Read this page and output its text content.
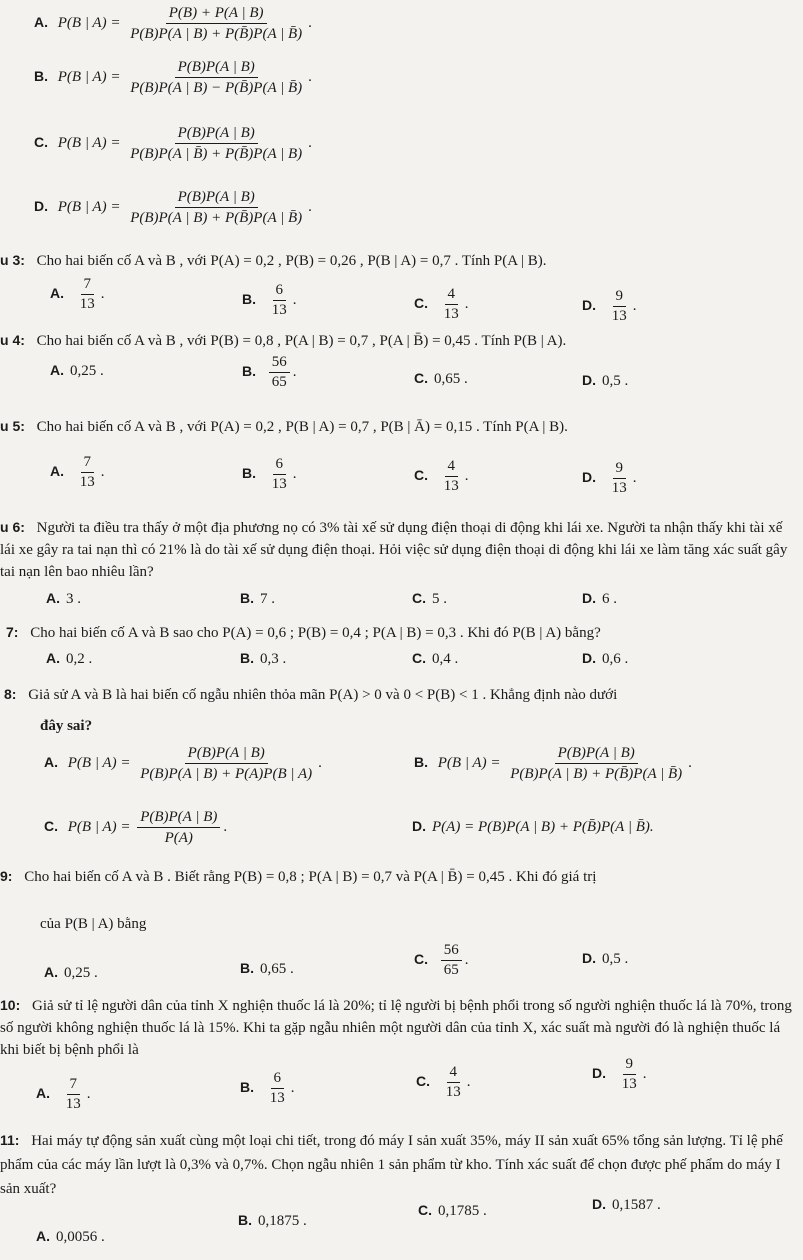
A. P(B | $A) = \frac{P(B) + P(A | B)}{P(B)P(A | B) + P(B̄)P(A | B̄)}$ .
B. P(B | $A) = \frac{P(B)P(A | B)}{P(B)P(A | B) - P(B̄)P(A | B̄)}$ .
C. P(B | $A) = \frac{P(B)P(A | B)}{P(B)P(A | B̄) + P(B̄)P(A | B)}$ .
D. P(B | $A) = \frac{P(B)P(A | B)}{P(B)P(A | B) + P(B̄)P(A | B̄)}$ .
u 3: Cho hai biến cố A và B , với P(A) = 0,2 , P(B) = 0,26 , P(B | A) = 0,7 . Tính P(A | B).
A. $\frac{7}{13}$ .	B. $\frac{6}{13}$ .	C. $\frac{4}{13}$ .	D. $\frac{9}{13}$ .
u 4: Cho hai biến cố A và B , với P(B) = 0,8 , P(A | B) = 0,7 , P(A | B̄) = 0,45 . Tính P(B | A).
A. 0,25 .	B. $\frac{56}{65}$ .	C. 0,65 .	D. 0,5 .
u 5: Cho hai biến cố A và B , với P(A) = 0,2 , P(B | A) = 0,7 , P(B | Ā) = 0,15 . Tính P(A | B).
A. $\frac{7}{13}$ .	B. $\frac{6}{13}$ .	C. $\frac{4}{13}$ .	D. $\frac{9}{13}$ .
u 6: Người ta điều tra thấy ở một địa phương nọ có 3% tài xế sử dụng điện thoại di động khi lái xe. Người ta nhận thấy khi tài xế lái xe gây ra tai nạn thì có 21% là do tài xế sử dụng điện thoại. Hỏi việc sử dụng điện thoại di động khi lái xe làm tăng xác suất gây tai nạn lên bao nhiêu lần?
A. 3 .	B. 7 .	C. 5 .	D. 6 .
7: Cho hai biến cố A và B sao cho P(A) = 0,6 ; P(B) = 0,4 ; P(A | B) = 0,3 . Khi đó P(B | A) bằng?
A. 0,2 .	B. 0,3 .	C. 0,4 .	D. 0,6 .
8: Giả sử A và B là hai biến cố ngẫu nhiên thỏa mãn P(A) > 0 và 0 < P(B) < 1 . Khẳng định nào dưới
đây sai?
A. P(B | $A) = \frac{P(B)P(A | B)}{P(B)P(A | B) + P(A)P(B | A)}$ .	B. P(B | $A) = \frac{P(B)P(A | B)}{P(B)P(A | B) + P(B̄)P(A | B̄)}$ .
C. P(B | $A) = \frac{P(B)P(A | B)}{P(A)}$ .	D. P(A) = P(B)P(A | B) + P(B̄)P(A | B̄).
9: Cho hai biến cố A và B . Biết rằng P(B) = 0,8 ; P(A | B) = 0,7 và P(A | B̄) = 0,45 . Khi đó giá trị
của P(B | A) bằng
A. 0,25 .	B. 0,65 .
C. $\frac{56}{65}$ .	D. 0,5 .
10: Giả sử tỉ lệ người dân của tỉnh X nghiện thuốc lá là 20%; tỉ lệ người bị bệnh phổi trong số người nghiện thuốc lá là 70%, trong số người không nghiện thuốc lá là 15%. Khi ta gặp ngẫu nhiên một người dân của tỉnh X, xác suất mà người đó là nghiện thuốc lá khi biết bị bệnh phổi là
A. $\frac{7}{13}$ .	B. $\frac{6}{13}$ .	C. $\frac{4}{13}$ .
D. $\frac{9}{13}$ .
11: Hai máy tự động sản xuất cùng một loại chi tiết, trong đó máy I sản xuất 35%, máy II sản xuất 65% tổng sản lượng. Tỉ lệ phế phẩm của các máy lần lượt là 0,3% và 0,7%. Chọn ngẫu nhiên 1 sản phẩm từ kho. Tính xác suất để chọn được phế phẩm do máy I sản xuất?
A. 0,0056 .
B. 0,1875 .
C. 0,1785 .	D. 0,1587 .
